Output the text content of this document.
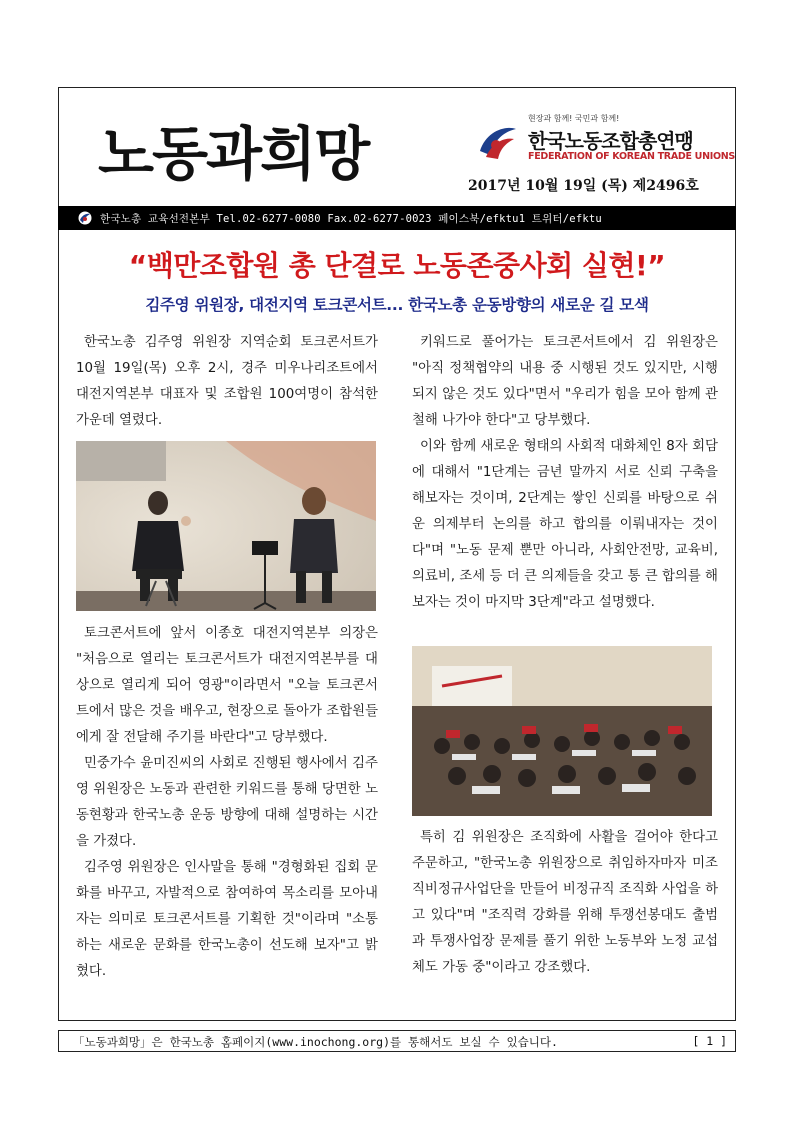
노동과희망
현장과 함께! 국민과 함께!
한국노동조합총연맹
FEDERATION OF KOREAN TRADE UNIONS
2017년 10월 19일 (목) 제2496호
한국노총 교육선전본부 Tel.02-6277-0080 Fax.02-6277-0023 페이스북/efktu1 트위터/efktu
“백만조합원 총 단결로 노동존중사회 실현!”
김주영 위원장, 대전지역 토크콘서트... 한국노총 운동방향의 새로운 길 모색

한국노총 김주영 위원장 지역순회 토크콘서트가 10월 19일(목) 오후 2시, 경주 미우나리조트에서 대전지역본부 대표자 및 조합원 100여명이 참석한 가운데 열렸다.

토크콘서트에 앞서 이종호 대전지역본부 의장은 "처음으로 열리는 토크콘서트가 대전지역본부를 대상으로 열리게 되어 영광"이라면서 "오늘 토크콘서트에서 많은 것을 배우고, 현장으로 돌아가 조합원들에게 잘 전달해 주기를 바란다"고 당부했다.

민중가수 윤미진씨의 사회로 진행된 행사에서 김주영 위원장은 노동과 관련한 키워드를 통해 당면한 노동현황과 한국노총 운동 방향에 대해 설명하는 시간을 가졌다.

김주영 위원장은 인사말을 통해 "경형화된 집회 문화를 바꾸고, 자발적으로 참여하여 목소리를 모아내자는 의미로 토크콘서트를 기획한 것"이라며 "소통하는 새로운 문화를 한국노총이 선도해 보자"고 밝혔다.

키워드로 풀어가는 토크콘서트에서 김 위원장은 "아직 정책협약의 내용 중 시행된 것도 있지만, 시행 되지 않은 것도 있다"면서 "우리가 힘을 모아 함께 관철해 나가야 한다"고 당부했다.

이와 함께 새로운 형태의 사회적 대화체인 8자 회담에 대해서 "1단계는 금년 말까지 서로 신뢰 구축을 해보자는 것이며, 2단계는 쌓인 신뢰를 바탕으로 쉬운 의제부터 논의를 하고 합의를 이뤄내자는 것이다"며 "노동 문제 뿐만 아니라, 사회안전망, 교육비, 의료비, 조세 등 더 큰 의제들을 갖고 통 큰 합의를 해보자는 것이 마지막 3단계"라고 설명했다.

특히 김 위원장은 조직화에 사활을 걸어야 한다고 주문하고, "한국노총 위원장으로 취임하자마자 미조직비정규사업단을 만들어 비정규직 조직화 사업을 하고 있다"며 "조직력 강화를 위해 투쟁선봉대도 출범과 투쟁사업장 문제를 풀기 위한 노동부와 노정 교섭체도 가동 중"이라고 강조했다.

「노동과희망」은 한국노총 홈페이지(www.inochong.org)를 통해서도 보실 수 있습니다.	[ 1 ]
